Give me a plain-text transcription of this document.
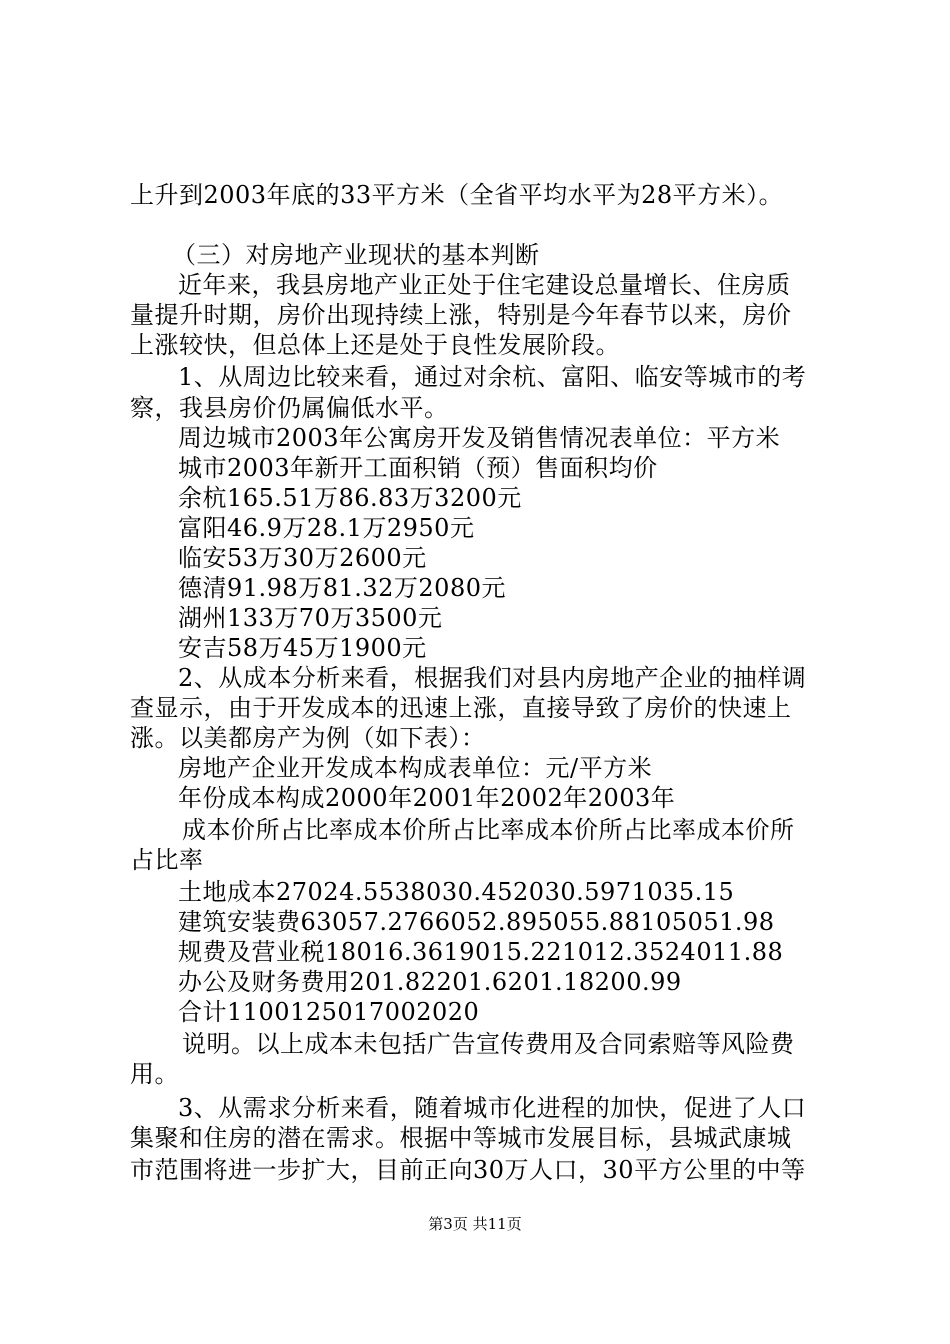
上升到2003年底的33平方米（全省平均水平为28平方米）。
（三）对房地产业现状的基本判断
近年来，我县房地产业正处于住宅建设总量增长、住房质
量提升时期，房价出现持续上涨，特别是今年春节以来，房价
上涨较快，但总体上还是处于良性发展阶段。
1、从周边比较来看，通过对余杭、富阳、临安等城市的考
察，我县房价仍属偏低水平。
周边城市2003年公寓房开发及销售情况表单位：平方米
城市2003年新开工面积销（预）售面积均价
余杭165.51万86.83万3200元
富阳46.9万28.1万2950元
临安53万30万2600元
德清91.98万81.32万2080元
湖州133万70万3500元
安吉58万45万1900元
2、从成本分析来看，根据我们对县内房地产企业的抽样调
查显示，由于开发成本的迅速上涨，直接导致了房价的快速上
涨。以美都房产为例（如下表）：
房地产企业开发成本构成表单位：元/平方米
年份成本构成2000年2001年2002年2003年
成本价所占比率成本价所占比率成本价所占比率成本价所
占比率
土地成本27024.5538030.452030.5971035.15
建筑安装费63057.2766052.895055.88105051.98
规费及营业税18016.3619015.221012.3524011.88
办公及财务费用201.82201.6201.18200.99
合计1100125017002020
说明。以上成本未包括广告宣传费用及合同索赔等风险费
用。
3、从需求分析来看，随着城市化进程的加快，促进了人口
集聚和住房的潜在需求。根据中等城市发展目标，县城武康城
市范围将进一步扩大，目前正向30万人口，30平方公里的中等
第3页 共11页
